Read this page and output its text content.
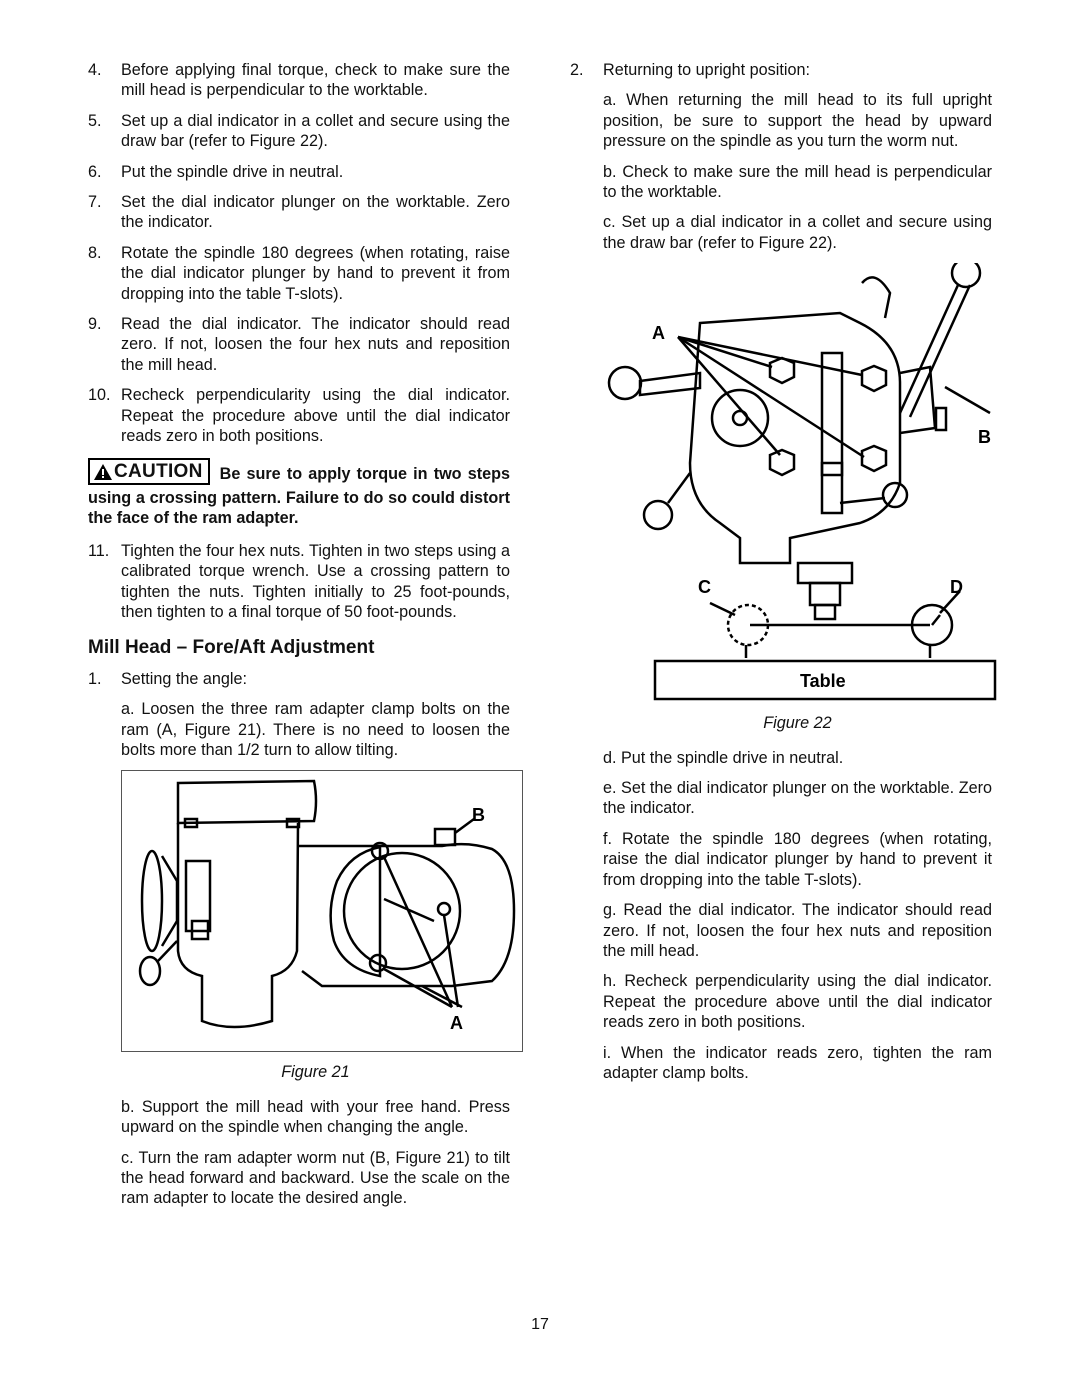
4.	Before applying final torque, check to make sure the mill head is perpendicular to the worktable.
5.	Set up a dial indicator in a collet and secure using the draw bar (refer to Figure 22).
6.	Put the spindle drive in neutral.
7.	Set the dial indicator plunger on the worktable. Zero the indicator.
8.	Rotate the spindle 180 degrees (when rotating, raise the dial indicator plunger by hand to prevent it from dropping into the table T-slots).
9.	Read the dial indicator. The indicator should read zero. If not, loosen the four hex nuts and reposition the mill head.
10. Recheck perpendicularity using the dial indicator. Repeat the procedure above until the dial indicator reads zero in both positions.
CAUTION Be sure to apply torque in two steps using a crossing pattern. Failure to do so could distort the face of the ram adapter.
11. Tighten the four hex nuts. Tighten in two steps using a calibrated torque wrench. Use a crossing pattern to tighten the nuts. Tighten initially to 25 foot-pounds, then tighten to a final torque of 50 foot-pounds.
Mill Head – Fore/Aft Adjustment
1.	Setting the angle:
a. Loosen the three ram adapter clamp bolts on the ram (A, Figure 21). There is no need to loosen the bolts more than 1/2 turn to allow tilting.
B
A
Figure 21
b. Support the mill head with your free hand. Press upward on the spindle when changing the angle.
c. Turn the ram adapter worm nut (B, Figure 21) to tilt the head forward and backward. Use the scale on the ram adapter to locate the desired angle.
2.	Returning to upright position:
a. When returning the mill head to its full upright position, be sure to support the head by upward pressure on the spindle as you turn the worm nut.
b. Check to make sure the mill head is perpendicular to the worktable.
c. Set up a dial indicator in a collet and secure using the draw bar (refer to Figure 22).
A
B
C	D
Table
Figure 22
d. Put the spindle drive in neutral.
e. Set the dial indicator plunger on the worktable. Zero the indicator.
f. Rotate the spindle 180 degrees (when rotating, raise the dial indicator plunger by hand to prevent it from dropping into the table T-slots).
g. Read the dial indicator. The indicator should read zero. If not, loosen the four hex nuts and reposition the mill head.
h. Recheck perpendicularity using the dial indicator. Repeat the procedure above until the dial indicator reads zero in both positions.
i. When the indicator reads zero, tighten the ram adapter clamp bolts.
17
